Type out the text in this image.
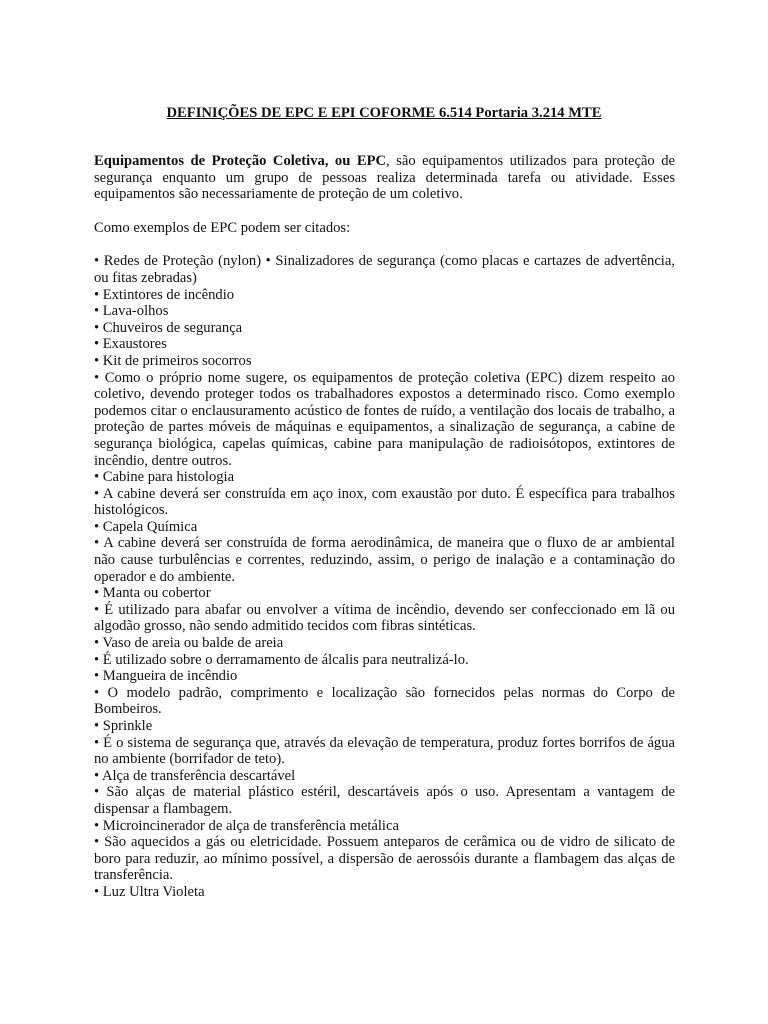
DEFINIÇÕES DE EPC E EPI COFORME 6.514 Portaria 3.214 MTE

Equipamentos de Proteção Coletiva, ou EPC, são equipamentos utilizados para proteção de segurança enquanto um grupo de pessoas realiza determinada tarefa ou atividade. Esses equipamentos são necessariamente de proteção de um coletivo.

Como exemplos de EPC podem ser citados:

• Redes de Proteção (nylon) • Sinalizadores de segurança (como placas e cartazes de advertência, ou fitas zebradas)

• Extintores de incêndio

• Lava-olhos

• Chuveiros de segurança

• Exaustores

• Kit de primeiros socorros

• Como o próprio nome sugere, os equipamentos de proteção coletiva (EPC) dizem respeito ao coletivo, devendo proteger todos os trabalhadores expostos a determinado risco. Como exemplo podemos citar o enclausuramento acústico de fontes de ruído, a ventilação dos locais de trabalho, a proteção de partes móveis de máquinas e equipamentos, a sinalização de segurança, a cabine de segurança biológica, capelas químicas, cabine para manipulação de radioisótopos, extintores de incêndio, dentre outros.

• Cabine para histologia

• A cabine deverá ser construída em aço inox, com exaustão por duto. É específica para trabalhos histológicos.

• Capela Química

• A cabine deverá ser construída de forma aerodinâmica, de maneira que o fluxo de ar ambiental não cause turbulências e correntes, reduzindo, assim, o perigo de inalação e a contaminação do operador e do ambiente.

• Manta ou cobertor

• É utilizado para abafar ou envolver a vítima de incêndio, devendo ser confeccionado em lã ou algodão grosso, não sendo admitido tecidos com fibras sintéticas.

• Vaso de areia ou balde de areia

• É utilizado sobre o derramamento de álcalis para neutralizá-lo.

• Mangueira de incêndio

• O modelo padrão, comprimento e localização são fornecidos pelas normas do Corpo de Bombeiros.

• Sprinkle

• É o sistema de segurança que, através da elevação de temperatura, produz fortes borrifos de água no ambiente (borrifador de teto).

• Alça de transferência descartável

• São alças de material plástico estéril, descartáveis após o uso. Apresentam a vantagem de dispensar a flambagem.

• Microincinerador de alça de transferência metálica

• São aquecidos a gás ou eletricidade. Possuem anteparos de cerâmica ou de vidro de silicato de boro para reduzir, ao mínimo possível, a dispersão de aerossóis durante a flambagem das alças de transferência.

• Luz Ultra Violeta
